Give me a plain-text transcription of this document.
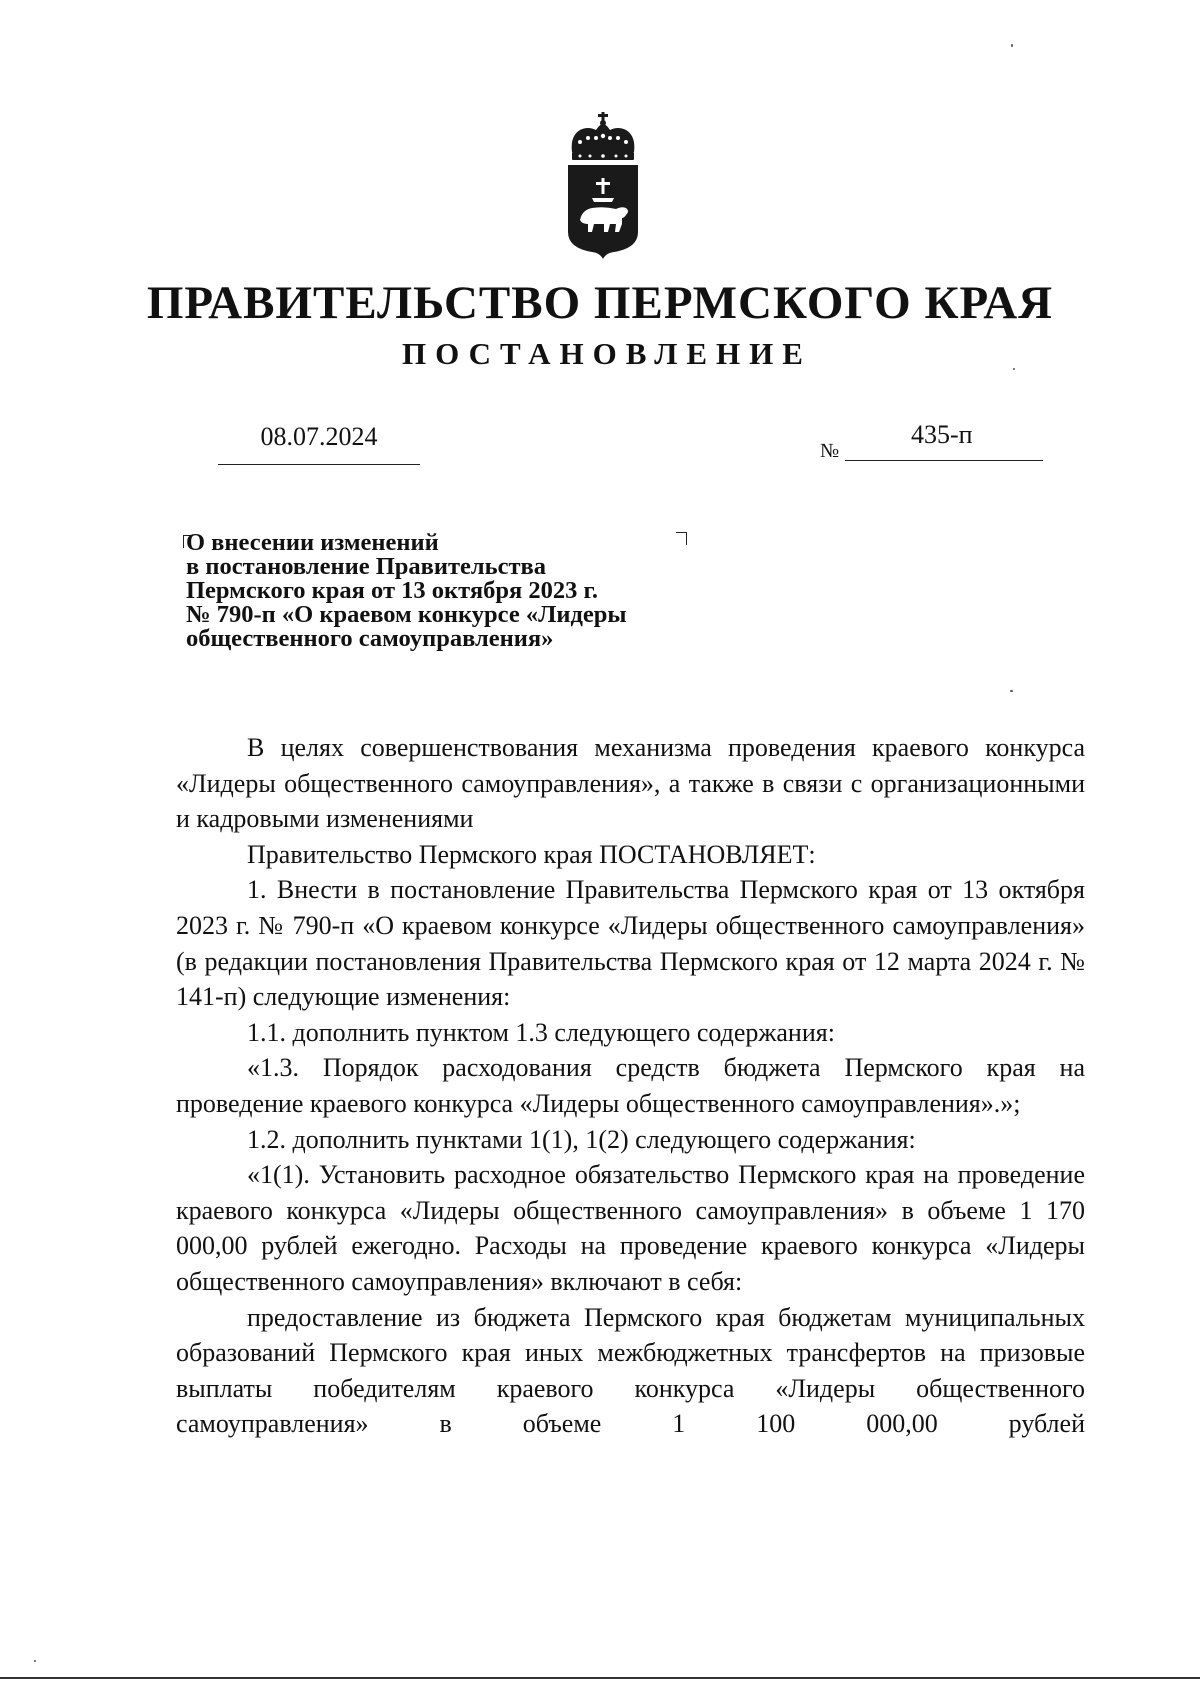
ПРАВИТЕЛЬСТВО ПЕРМСКОГО КРАЯ
ПОСТАНОВЛЕНИЕ
08.07.2024	№
435-п
О внесении изменений
в постановление Правительства
Пермского края от 13 октября 2023 г.
№ 790-п «О краевом конкурсе «Лидеры
общественного самоуправления»

В целях совершенствования механизма проведения краевого конкурса «Лидеры общественного самоуправления», а также в связи с организационными и кадровыми изменениями

Правительство Пермского края ПОСТАНОВЛЯЕТ:

1. Внести в постановление Правительства Пермского края от 13 октября 2023 г. № 790-п «О краевом конкурсе «Лидеры общественного самоуправления» (в редакции постановления Правительства Пермского края от 12 марта 2024 г. № 141-п) следующие изменения:

1.1. дополнить пунктом 1.3 следующего содержания:

«1.3. Порядок расходования средств бюджета Пермского края на проведение краевого конкурса «Лидеры общественного самоуправления».»;

1.2. дополнить пунктами 1(1), 1(2) следующего содержания:

«1(1). Установить расходное обязательство Пермского края на проведение краевого конкурса «Лидеры общественного самоуправления» в объеме 1 170 000,00 рублей ежегодно. Расходы на проведение краевого конкурса «Лидеры общественного самоуправления» включают в себя:

предоставление из бюджета Пермского края бюджетам муниципальных образований Пермского края иных межбюджетных трансфертов на призовые выплаты победителям краевого конкурса «Лидеры общественного самоуправления» в объеме 1 100 000,00 рублей
